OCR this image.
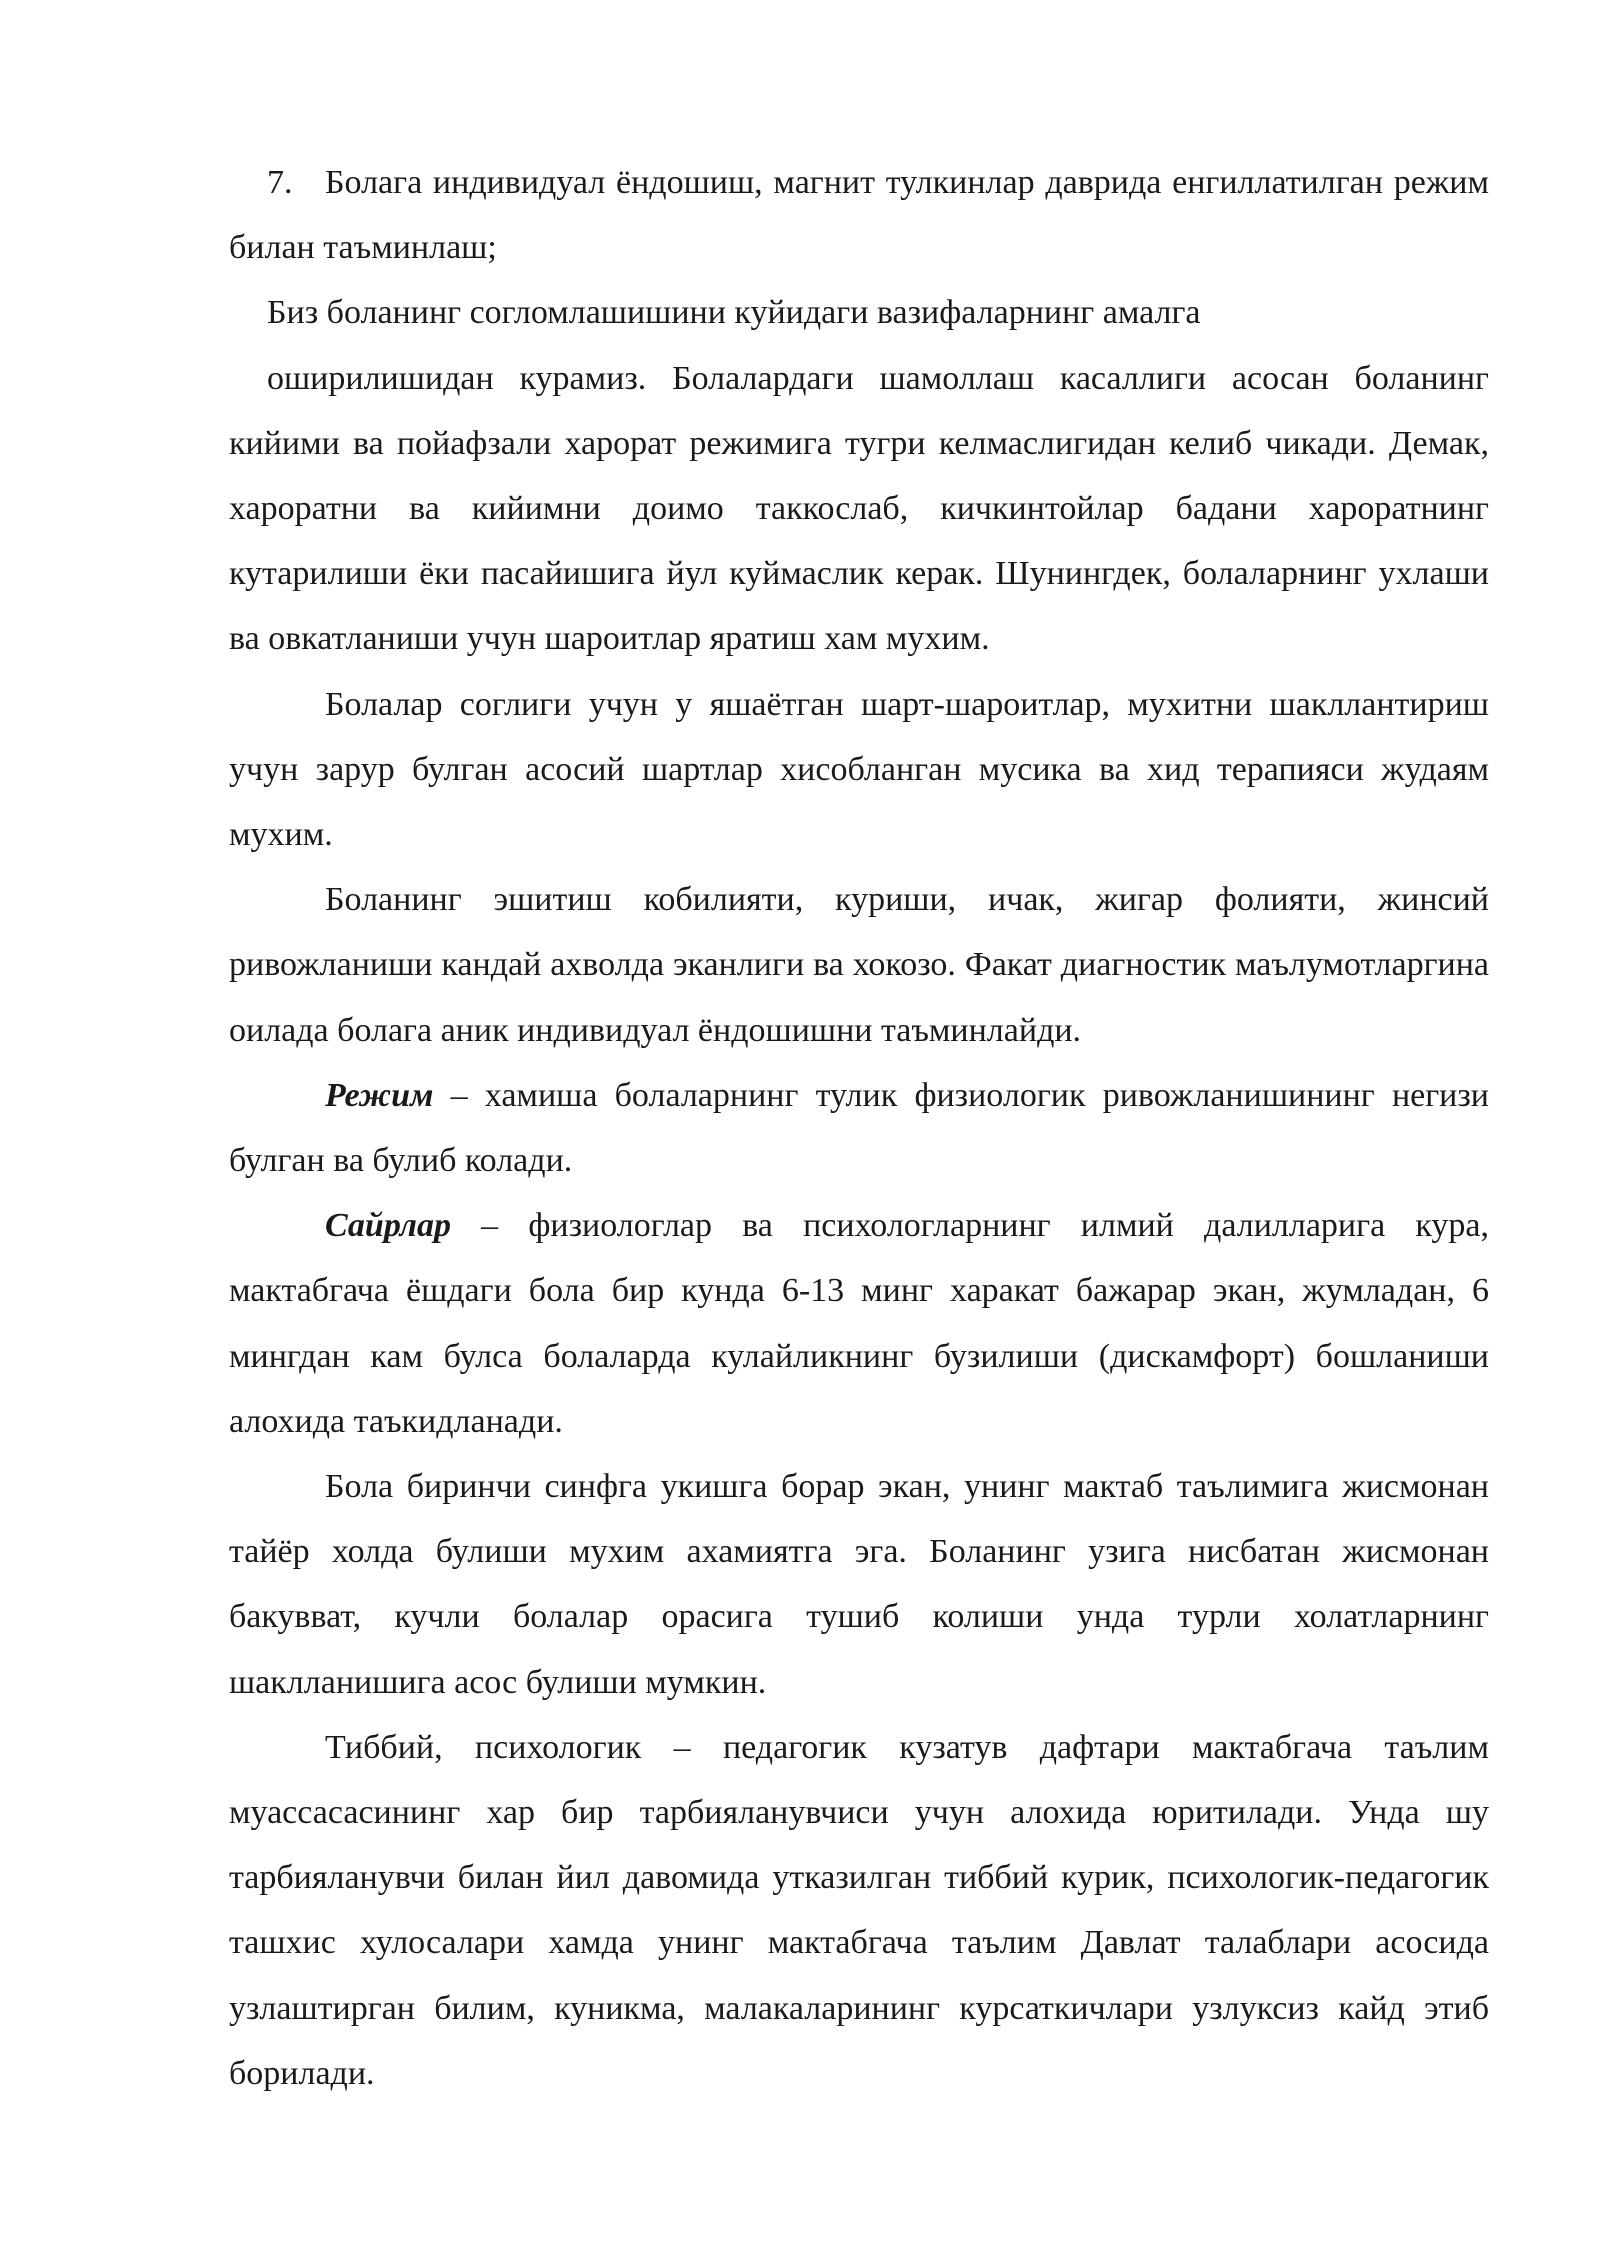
7. Болага индивидуал ёндошиш, магнит тулкинлар даврида енгиллатилган режим билан таъминлаш;

Биз боланинг согломлашишини куйидаги вазифаларнинг амалга

оширилишидан курамиз. Болалардаги шамоллаш касаллиги асосан боланинг кийими ва пойафзали харорат режимига тугри келмаслигидан келиб чикади. Демак, хароратни ва кийимни доимо таккослаб, кичкинтойлар бадани хароратнинг кутарилиши ёки пасайишига йул куймаслик керак. Шунингдек, болаларнинг ухлаши ва овкатланиши учун шароитлар яратиш хам мухим.

Болалар соглиги учун у яшаётган шарт-шароитлар, мухитни шакллантириш учун зарур булган асосий шартлар хисобланган мусика ва хид терапияси жудаям мухим.

Боланинг эшитиш кобилияти, куриши, ичак, жигар фолияти, жинсий ривожланиши кандай ахволда эканлиги ва хокозо. Факат диагностик маълумотларгина оилада болага аник индивидуал ёндошишни таъминлайди.

Режим – хамиша болаларнинг тулик физиологик ривожланишининг негизи булган ва булиб колади.

Сайрлар – физиологлар ва психологларнинг илмий далилларига кура, мактабгача ёшдаги бола бир кунда 6-13 минг харакат бажарар экан, жумладан, 6 мингдан кам булса болаларда кулайликнинг бузилиши (дискамфорт) бошланиши алохида таъкидланади.

Бола биринчи синфга укишга борар экан, унинг мактаб таълимига жисмонан тайёр холда булиши мухим ахамиятга эга. Боланинг узига нисбатан жисмонан бакувват, кучли болалар орасига тушиб колиши унда турли холатларнинг шаклланишига асос булиши мумкин.

Тиббий, психологик – педагогик кузатув дафтари мактабгача таълим муассасасининг хар бир тарбияланувчиси учун алохида юритилади. Унда шу тарбияланувчи билан йил давомида утказилган тиббий курик, психологик-педагогик ташхис хулосалари хамда унинг мактабгача таълим Давлат талаблари асосида узлаштирган билим, куникма, малакаларининг курсаткичлари узлуксиз кайд этиб борилади.
